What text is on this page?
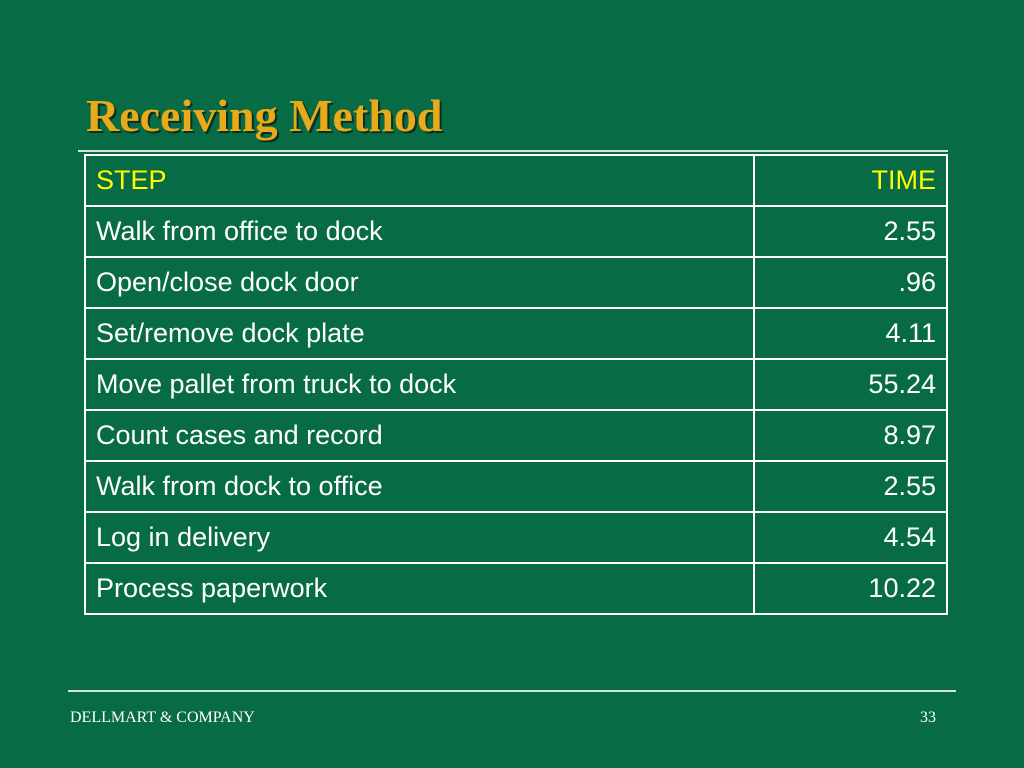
Receiving Method
STEP	TIME
Walk from office to dock	2.55
Open/close dock door	.96
Set/remove dock plate	4.11
Move pallet from truck to dock	55.24
Count cases and record	8.97
Walk from dock to office	2.55
Log in delivery	4.54
Process paperwork	10.22
DELLMART & COMPANY	33
